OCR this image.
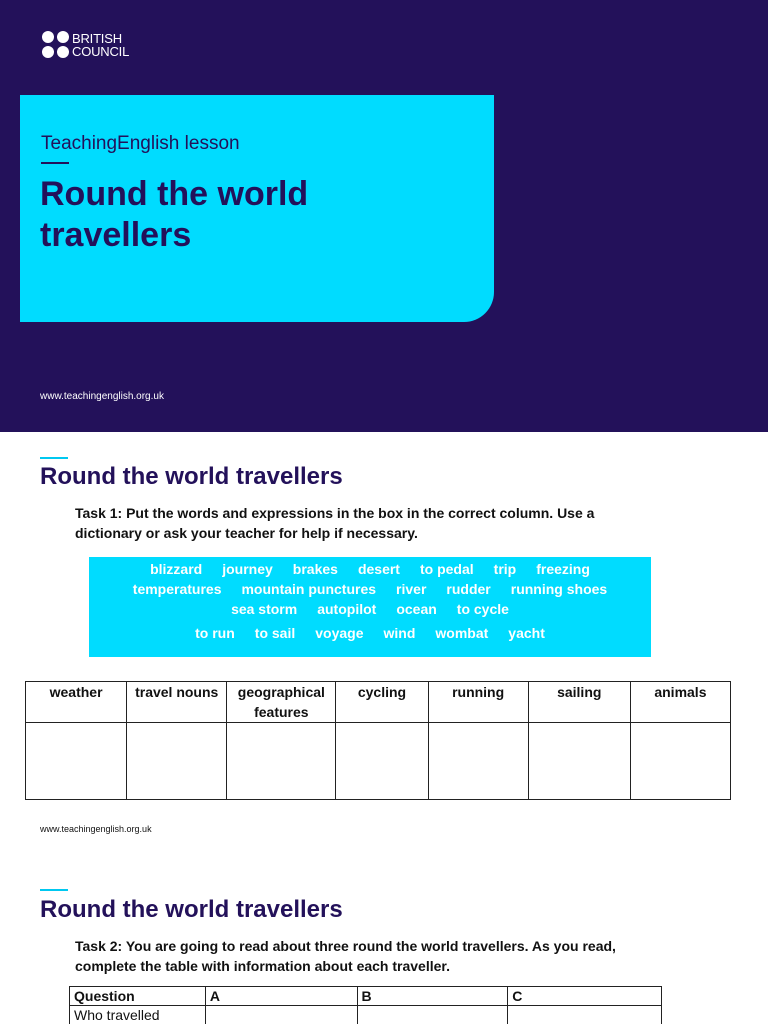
BRITISH
COUNCIL
TeachingEnglish lesson
Round the world
travellers
www.teachingenglish.org.uk
Round the world travellers
Task 1: Put the words and expressions in the box in the correct column. Use a
dictionary or ask your teacher for help if necessary.
blizzard journey brakes desert to pedal trip freezing
temperatures mountain punctures river rudder running shoes
sea storm autopilot ocean to cycle
to run to sail voyage wind wombat yacht
weather	travel nouns	geographical features	cycling	running	sailing	animals

www.teachingenglish.org.uk
Round the world travellers
Task 2: You are going to read about three round the world travellers. As you read,
complete the table with information about each traveller.
Question	A	B	C
Who travelled			
